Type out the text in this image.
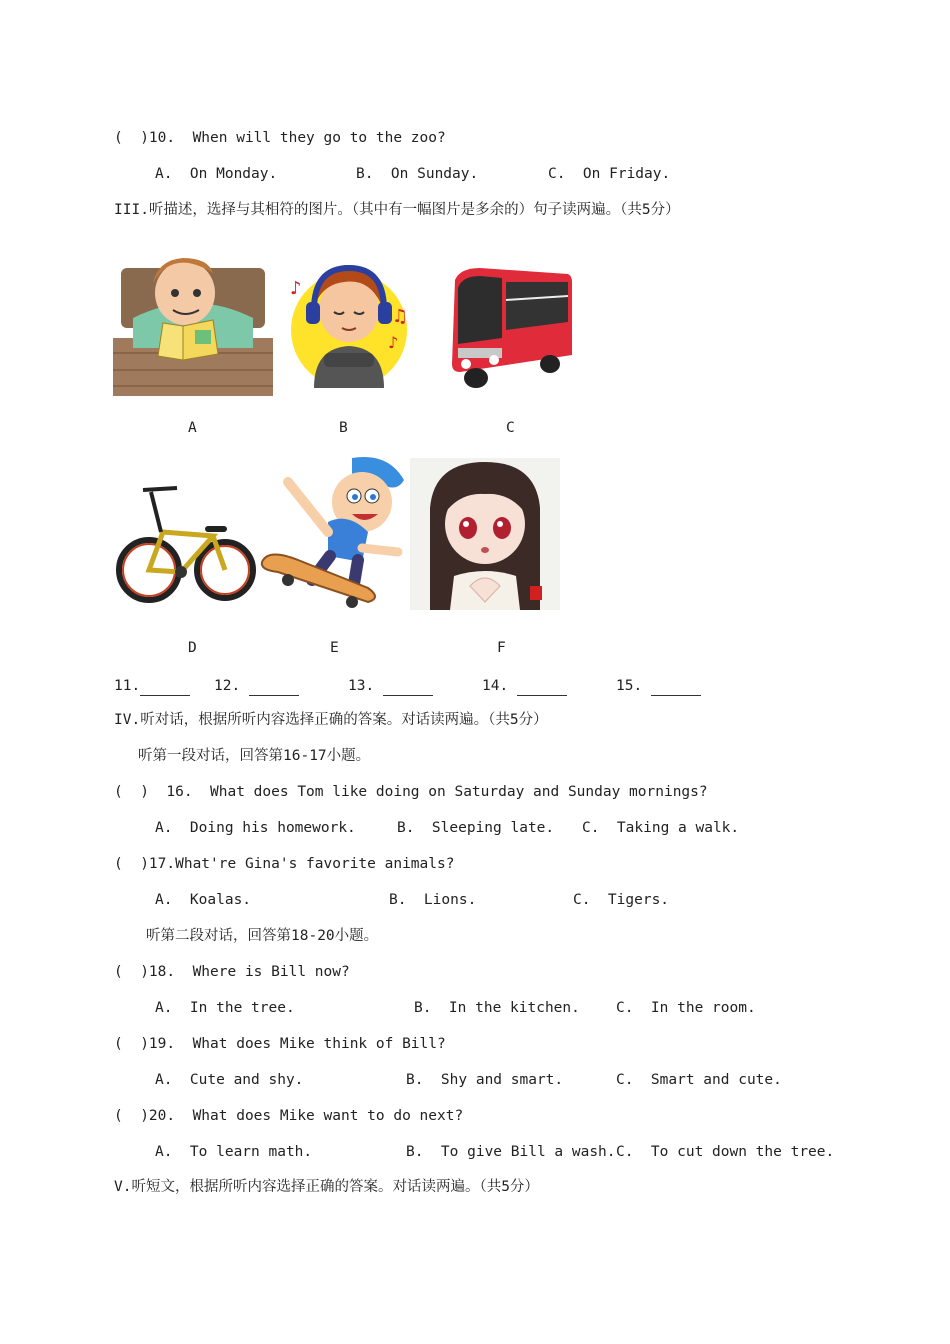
(  )10.  When will they go to the zoo?
A.  On Monday.	B.  On Sunday.	C.  On Friday.
III.听描述，选择与其相符的图片。（其中有一幅图片是多余的）句子读两遍。（共5分）
♪
♫
♪
A	B	C
D	E	F
11.	12.	13.	14.	15.
IV.听对话，根据所听内容选择正确的答案。对话读两遍。（共5分）
听第一段对话，回答第16-17小题。
(  )  16.  What does Tom like doing on Saturday and Sunday mornings?
A.  Doing his homework.	B.  Sleeping late. C.  Taking a walk.
(  )17.What're Gina's favorite animals?
A.  Koalas.	B.  Lions.	C.  Tigers.
听第二段对话，回答第18-20小题。
(  )18.  Where is Bill now?
A.  In the tree.	B.  In the kitchen. C.  In the room.
(  )19.  What does Mike think of Bill?
A.  Cute and shy.	B.  Shy and smart.	C.  Smart and cute.
(  )20.  What does Mike want to do next?
A.  To learn math.	B.  To give Bill a wash. C.  To cut down the tree.
V.听短文，根据所听内容选择正确的答案。对话读两遍。（共5分）
